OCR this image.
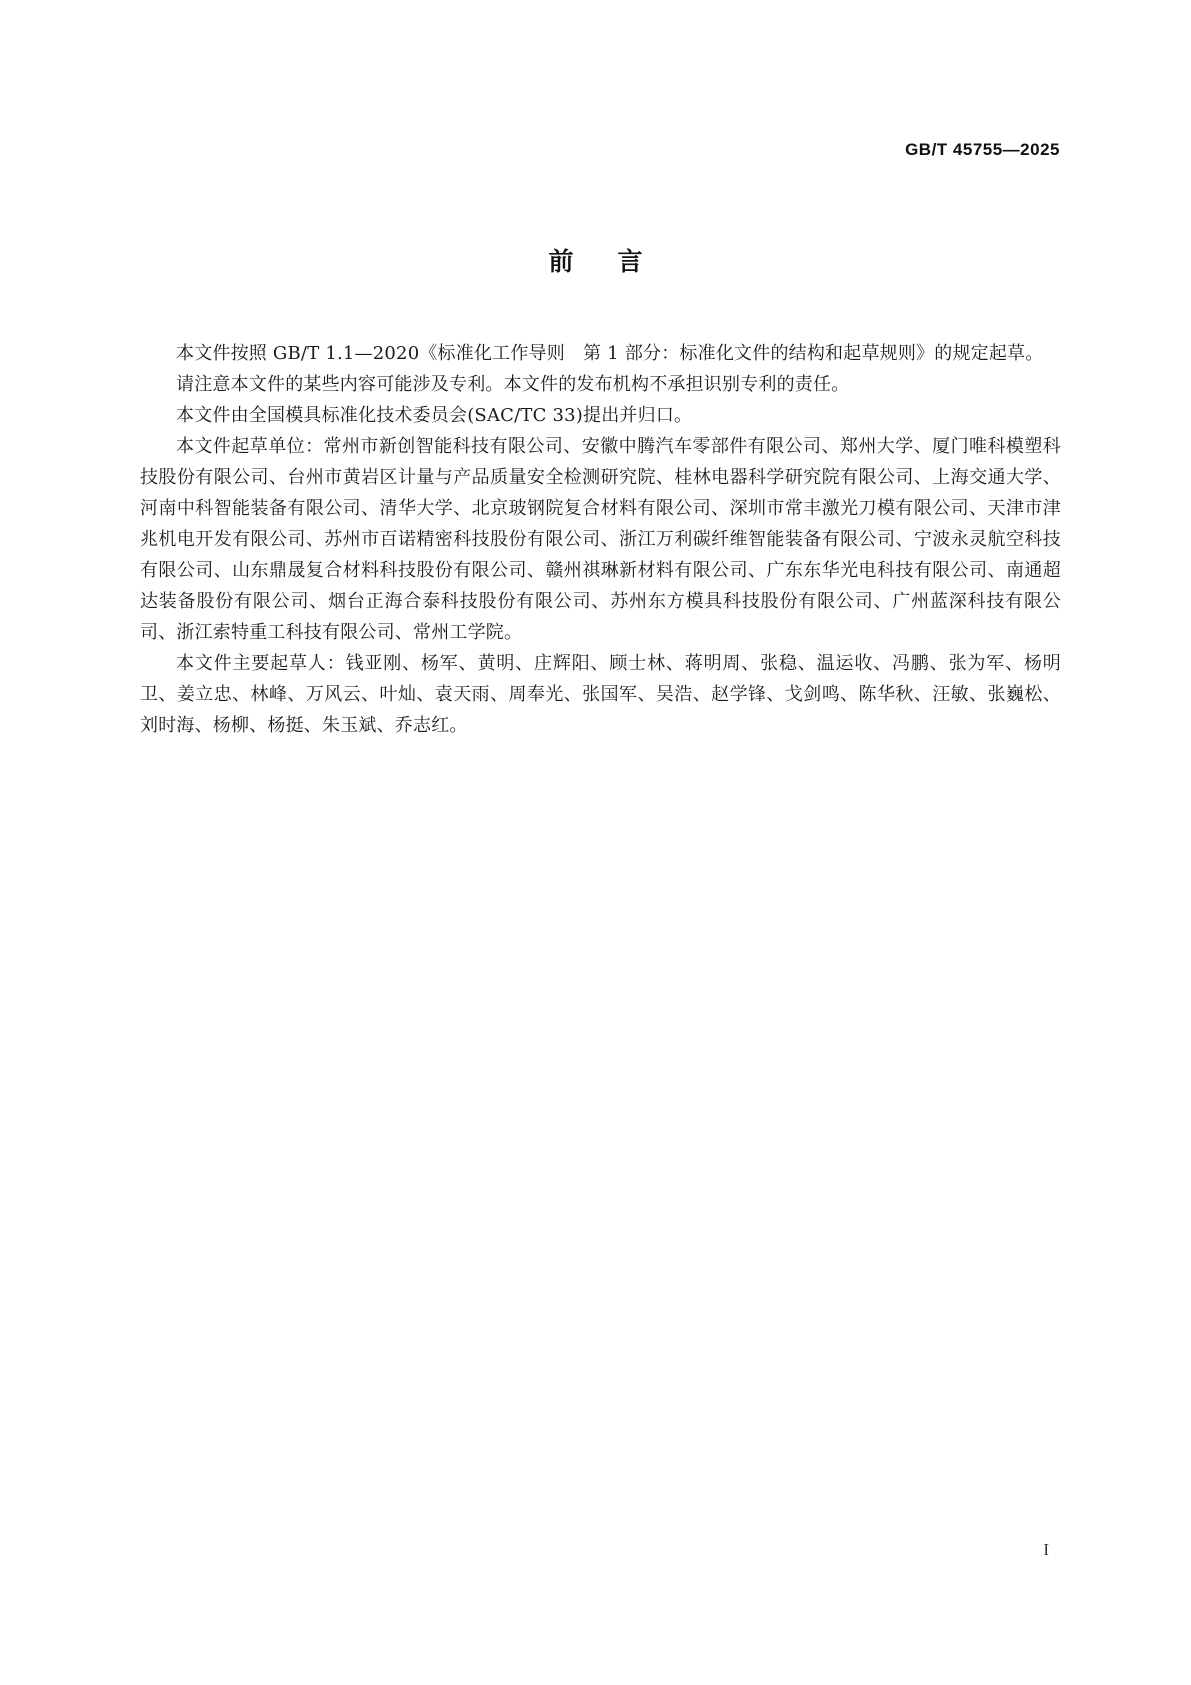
GB/T 45755—2025
前言

本文件按照 GB/T 1.1—2020《标准化工作导则　第 1 部分：标准化文件的结构和起草规则》的规定起草。

请注意本文件的某些内容可能涉及专利。本文件的发布机构不承担识别专利的责任。

本文件由全国模具标准化技术委员会(SAC/TC 33)提出并归口。

本文件起草单位：常州市新创智能科技有限公司、安徽中腾汽车零部件有限公司、郑州大学、厦门唯科模塑科技股份有限公司、台州市黄岩区计量与产品质量安全检测研究院、桂林电器科学研究院有限公司、上海交通大学、河南中科智能装备有限公司、清华大学、北京玻钢院复合材料有限公司、深圳市常丰激光刀模有限公司、天津市津兆机电开发有限公司、苏州市百诺精密科技股份有限公司、浙江万利碳纤维智能装备有限公司、宁波永灵航空科技有限公司、山东鼎晟复合材料科技股份有限公司、赣州祺琳新材料有限公司、广东东华光电科技有限公司、南通超达装备股份有限公司、烟台正海合泰科技股份有限公司、苏州东方模具科技股份有限公司、广州蓝深科技有限公司、浙江索特重工科技有限公司、常州工学院。

本文件主要起草人：钱亚刚、杨军、黄明、庄辉阳、顾士林、蒋明周、张稳、温运收、冯鹏、张为军、杨明卫、姜立忠、林峰、万风云、叶灿、袁天雨、周奉光、张国军、吴浩、赵学锋、戈剑鸣、陈华秋、汪敏、张巍松、刘时海、杨柳、杨挺、朱玉斌、乔志红。

I
